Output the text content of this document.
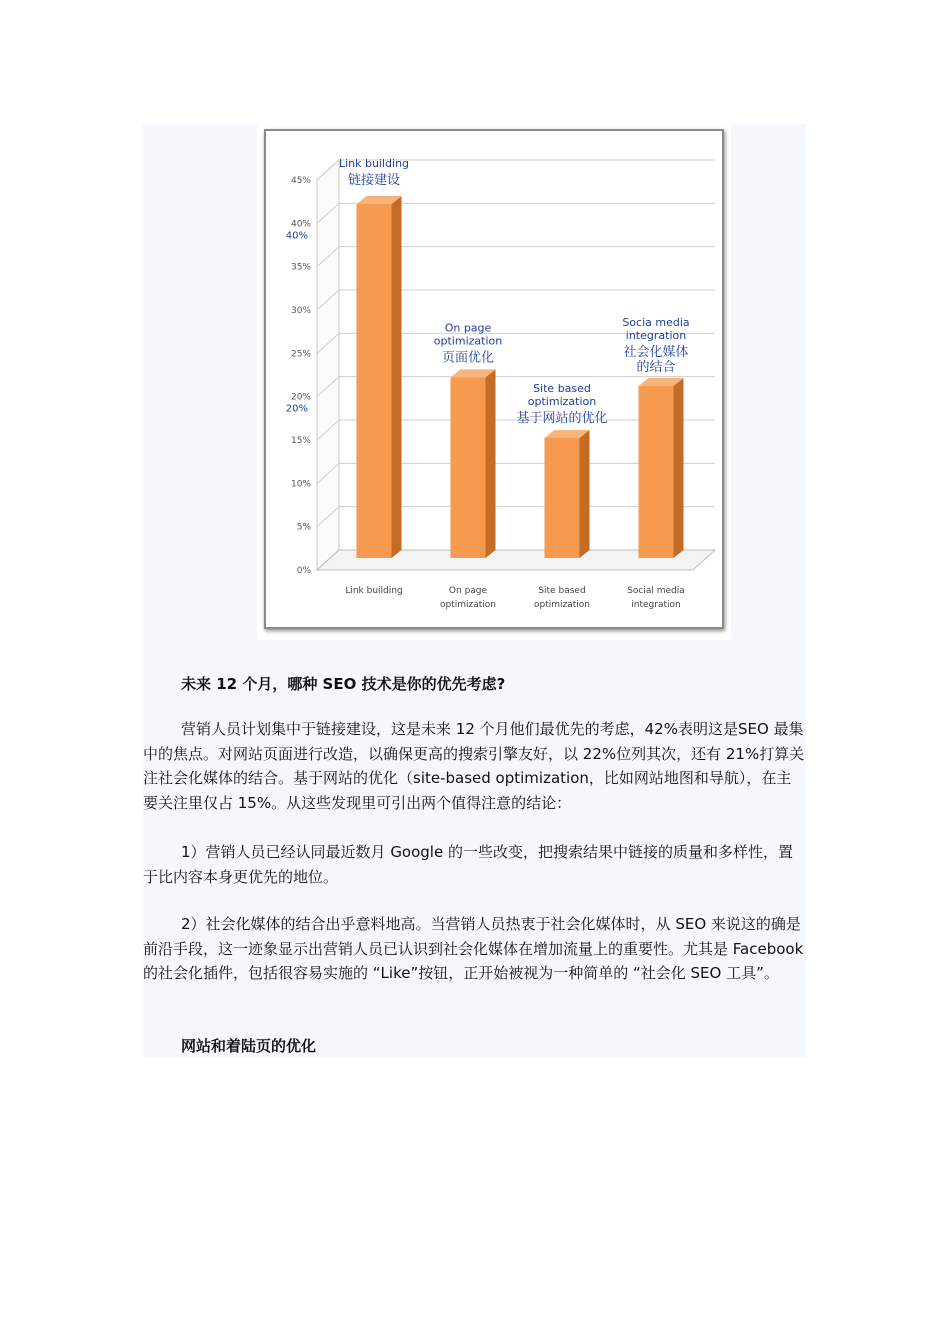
0%
5%
10%
15%
20%
25%
30%
35%
40%
45%
40%
20%
Link building
Link building
链接建设
On page
optimization
On page
optimization
页面优化
Site based
optimization
Site based
optimization
基于网站的优化
Social media
integration
Socia media
integration
社会化媒体
的结合

未来 12 个月，哪种 SEO 技术是你的优先考虑?

营销人员计划集中于链接建设，这是未来 12 个月他们最优先的考虑，42%表明这是SEO 最集中的焦点。对网站页面进行改造，以确保更高的搜索引擎友好，以 22%位列其次，还有 21%打算关注社会化媒体的结合。基于网站的优化（site-based optimization，比如网站地图和导航），在主要关注里仅占 15%。从这些发现里可引出两个值得注意的结论：

1）营销人员已经认同最近数月 Google 的一些改变，把搜索结果中链接的质量和多样性，置于比内容本身更优先的地位。

2）社会化媒体的结合出乎意料地高。当营销人员热衷于社会化媒体时，从 SEO 来说这的确是前沿手段，这一迹象显示出营销人员已认识到社会化媒体在增加流量上的重要性。尤其是 Facebook 的社会化插件，包括很容易实施的 “Like”按钮，正开始被视为一种简单的 “社会化 SEO 工具”。

网站和着陆页的优化
